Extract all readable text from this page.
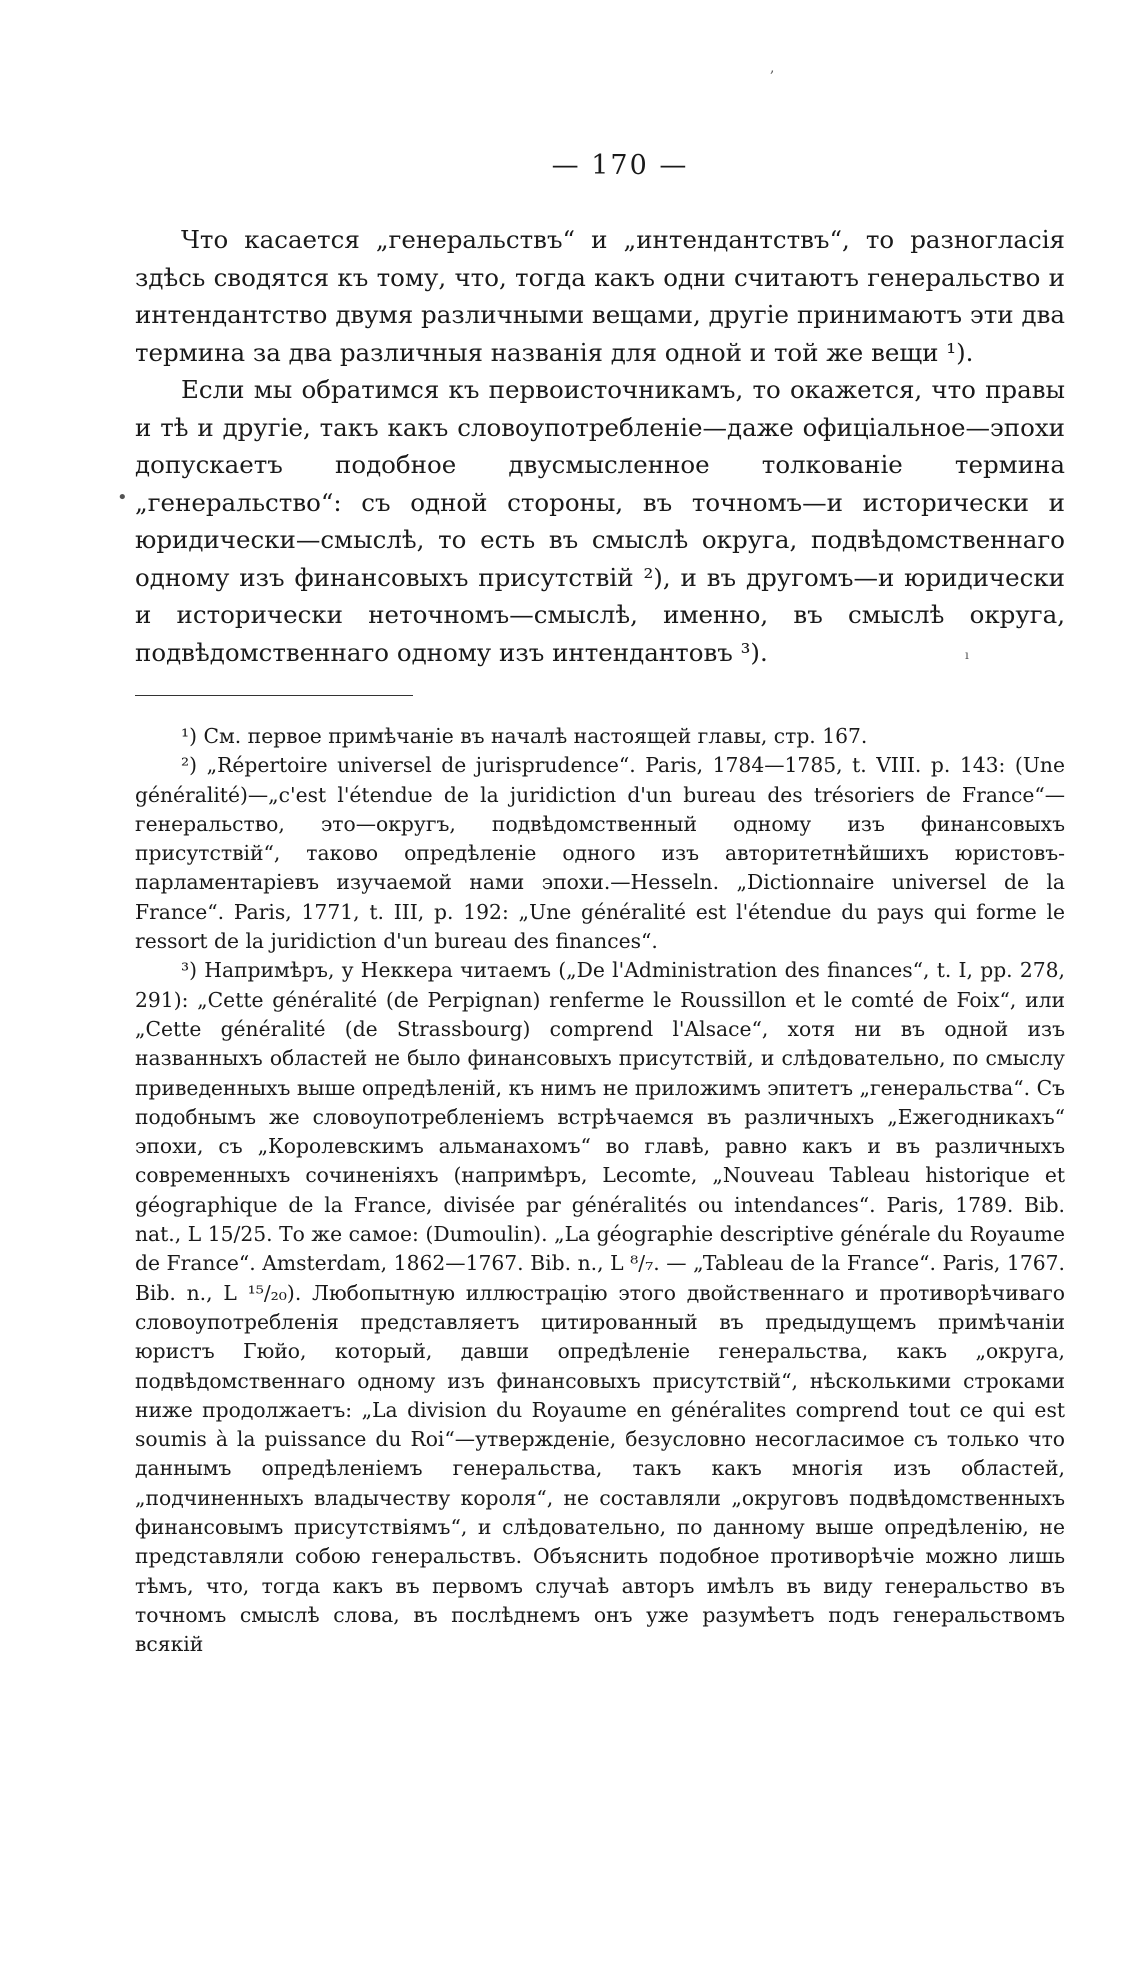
,
•
ı
— 170 —

Что касается „генеральствъ“ и „интендантствъ“, то разногласія здѣсь сводятся къ тому, что, тогда какъ одни считаютъ генеральство и интендантство двумя различными вещами, другіе принимаютъ эти два термина за два различныя названія для одной и той же вещи ¹).

Если мы обратимся къ первоисточникамъ, то окажется, что правы и тѣ и другіе, такъ какъ словоупотребленіе—даже офиціальное—эпохи допускаетъ подобное двусмысленное толкованіе термина „генеральство“: съ одной стороны, въ точномъ—и исторически и юридически—смыслѣ, то есть въ смыслѣ округа, подвѣдомственнаго одному изъ финансовыхъ присутствій ²), и въ другомъ—и юридически и исторически неточномъ—смыслѣ, именно, въ смыслѣ округа, подвѣдомственнаго одному изъ интендантовъ ³).

¹) См. первое примѣчаніе въ началѣ настоящей главы, стр. 167.

²) „Répertoire universel de jurisprudence“. Paris, 1784—1785, t. VIII. p. 143: (Une généralité)—„c'est l'étendue de la juridiction d'un bureau des trésoriers de France“—генеральство, это—округъ, подвѣдомственный одному изъ финансовыхъ присутствій“, таково опредѣленіе одного изъ авторитетнѣйшихъ юристовъ-парламентаріевъ изучаемой нами эпохи.—Hesseln. „Dictionnaire universel de la France“. Paris, 1771, t. III, p. 192: „Une généralité est l'étendue du pays qui forme le ressort de la juridiction d'un bureau des finances“.

³) Напримѣръ, у Неккера читаемъ („De l'Administration des finances“, t. I, pp. 278, 291): „Cette généralité (de Perpignan) renferme le Roussillon et le comté de Foix“, или „Cette généralité (de Strassbourg) comprend l'Alsace“, хотя ни въ одной изъ названныхъ областей не было финансовыхъ присутствій, и слѣдовательно, по смыслу приведенныхъ выше опредѣленій, къ нимъ не приложимъ эпитетъ „генеральства“. Съ подобнымъ же словоупотребленіемъ встрѣчаемся въ различныхъ „Ежегодникахъ“ эпохи, съ „Королевскимъ альманахомъ“ во главѣ, равно какъ и въ различныхъ современныхъ сочиненіяхъ (напримѣръ, Lecomte, „Nouveau Tableau historique et géographique de la France, divisée par généralités ou intendances“. Paris, 1789. Bib. nat., L 15/25. То же самое: (Dumoulin). „La géographie descriptive générale du Royaume de France“. Amsterdam, 1862—1767. Bib. n., L ⁸/₇. — „Tableau de la France“. Paris, 1767. Bib. n., L ¹⁵/₂₀). Любопытную иллюстрацію этого двойственнаго и противорѣчиваго словоупотребленія представляетъ цитированный въ предыдущемъ примѣчаніи юристъ Гюйо, который, давши опредѣленіе генеральства, какъ „округа, подвѣдомственнаго одному изъ финансовыхъ присутствій“, нѣсколькими строками ниже продолжаетъ: „La division du Royaume en généralites comprend tout ce qui est soumis à la puissance du Roi“—утвержденіе, безусловно несогласимое съ только что даннымъ опредѣленіемъ генеральства, такъ какъ многія изъ областей, „подчиненныхъ владычеству короля“, не составляли „округовъ подвѣдомственныхъ финансовымъ присутствіямъ“, и слѣдовательно, по данному выше опредѣленію, не представляли собою генеральствъ. Объяснить подобное противорѣчіе можно лишь тѣмъ, что, тогда какъ въ первомъ случаѣ авторъ имѣлъ въ виду генеральство въ точномъ смыслѣ слова, въ послѣднемъ онъ уже разумѣетъ подъ генеральствомъ всякій
